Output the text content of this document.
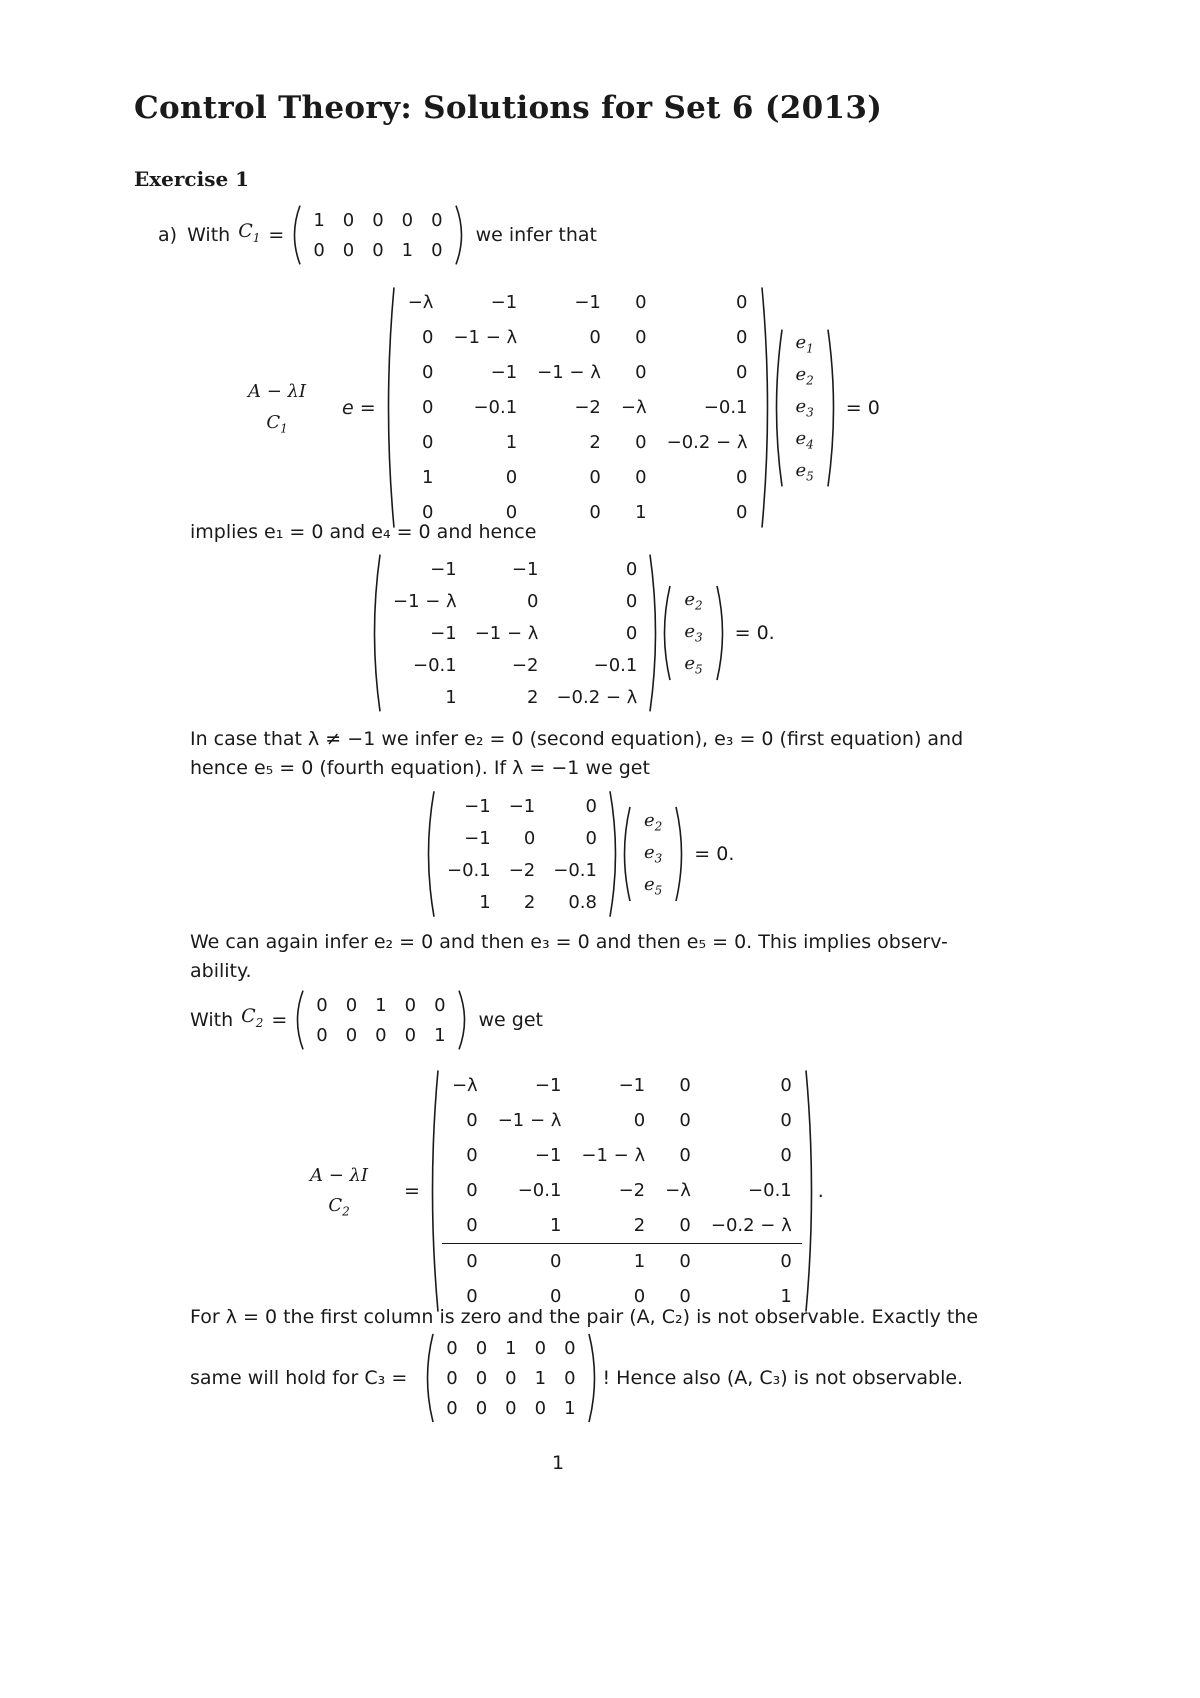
Control Theory: Solutions for Set 6 (2013)
Exercise 1
a) With $C_1$ =
1	0	0	0	0
0	0	0	1	0
we infer that
A − λI
$C_1$
e =
−λ	−1	−1	0	0
0	−1 − λ	0	0	0
0	−1	−1 − λ	0	0
0	−0.1	−2	−λ	−0.1
0	1	2	0	−0.2 − λ
1	0	0	0	0
0	0	0	1	0
$e_1$
$e_2$
$e_3$
$e_4$
$e_5$
= 0
implies e₁ = 0 and e₄ = 0 and hence
−1	−1	0
−1 − λ	0	0
−1	−1 − λ	0
−0.1	−2	−0.1
1	2	−0.2 − λ
$e_2$
$e_3$
$e_5$
= 0.
In case that λ ≠ −1 we infer e₂ = 0 (second equation), e₃ = 0 (first equation) and
hence e₅ = 0 (fourth equation). If λ = −1 we get
−1	−1	0
−1	0	0
−0.1	−2	−0.1
1	2	0.8
$e_2$
$e_3$
$e_5$
= 0.
We can again infer e₂ = 0 and then e₃ = 0 and then e₅ = 0. This implies observ-
ability.
With $C_2$ =
0	0	1	0	0
0	0	0	0	1
we get
A − λI
$C_2$
=
−λ	−1	−1	0	0
0	−1 − λ	0	0	0
0	−1	−1 − λ	0	0
0	−0.1	−2	−λ	−0.1
0	1	2	0	−0.2 − λ
0	0	1	0	0
0	0	0	0	1
.
For λ = 0 the first column is zero and the pair (A, C₂) is not observable. Exactly the
same will hold for C₃ =
0	0	1	0	0
0	0	0	1	0
0	0	0	0	1
! Hence also (A, C₃) is not observable.
1
